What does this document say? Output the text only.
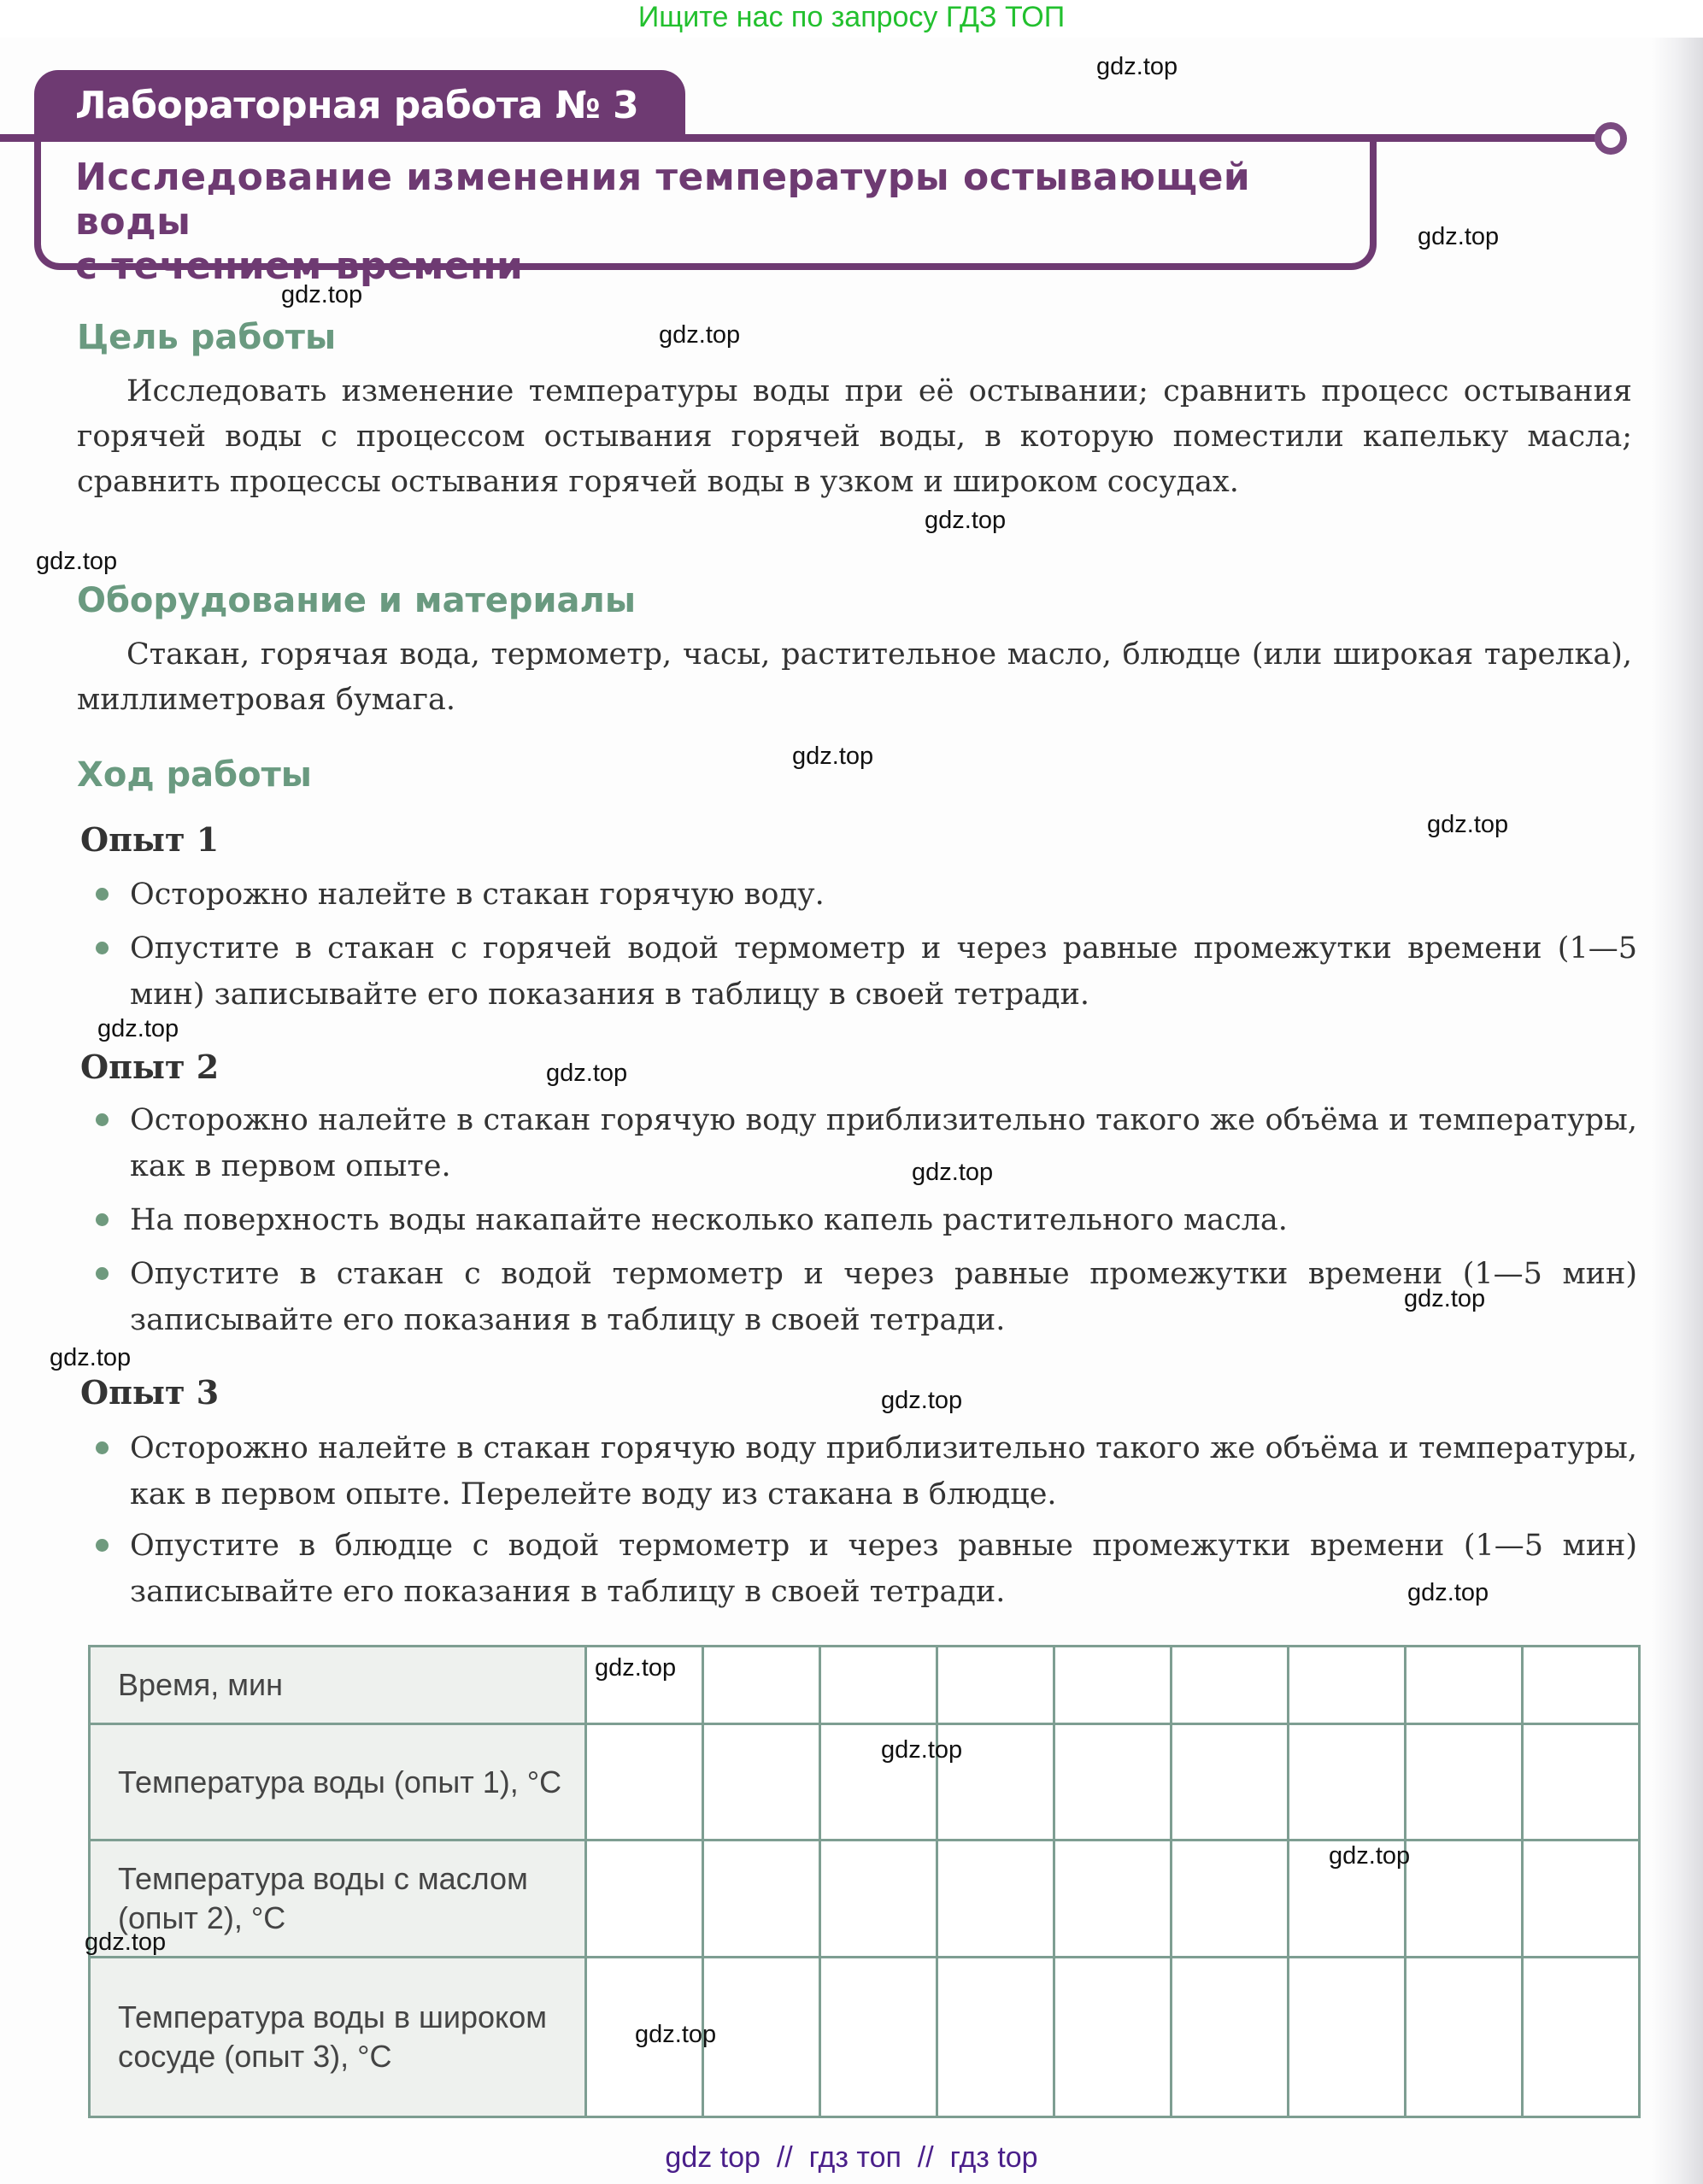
Ищите нас по запросу ГДЗ ТОП
Лабораторная работа № 3
Исследование изменения температуры остывающей воды
с течением времени
Цель работы
Исследовать изменение температуры воды при её остывании; сравнить процесс остывания горячей воды с процессом остывания горячей воды, в которую поместили капельку масла; сравнить процессы остывания горячей воды в узком и широком сосудах.
Оборудование и материалы
Стакан, горячая вода, термометр, часы, растительное масло, блюдце (или широкая тарелка), миллиметровая бумага.
Ход работы
Опыт 1
Осторожно налейте в стакан горячую воду.
Опустите в стакан с горячей водой термометр и через равные промежутки времени (1—5 мин) записывайте его показания в таблицу в своей тетради.
Опыт 2
Осторожно налейте в стакан горячую воду приблизительно такого же объёма и температуры, как в первом опыте.
На поверхность воды накапайте несколько капель растительного масла.
Опустите в стакан с водой термометр и через равные промежутки времени (1—5 мин) записывайте его показания в таблицу в своей тетради.
Опыт 3
Осторожно налейте в стакан горячую воду приблизительно такого же объёма и температуры, как в первом опыте. Перелейте воду из стакана в блюдце.
Опустите в блюдце с водой термометр и через равные промежутки времени (1—5 мин) записывайте его показания в таблицу в своей тетради.
Время, мин									
Температура воды (опыт 1), °C									
Температура воды с маслом (опыт 2), °C									
Температура воды в широком сосуде (опыт 3), °C									
gdz top  //  гдз топ  //  гдз top
gdz.top
gdz.top
gdz.top
gdz.top
gdz.top
gdz.top
gdz.top
gdz.top
gdz.top
gdz.top
gdz.top
gdz.top
gdz.top
gdz.top
gdz.top
gdz.top
gdz.top
gdz.top
gdz.top
gdz.top
